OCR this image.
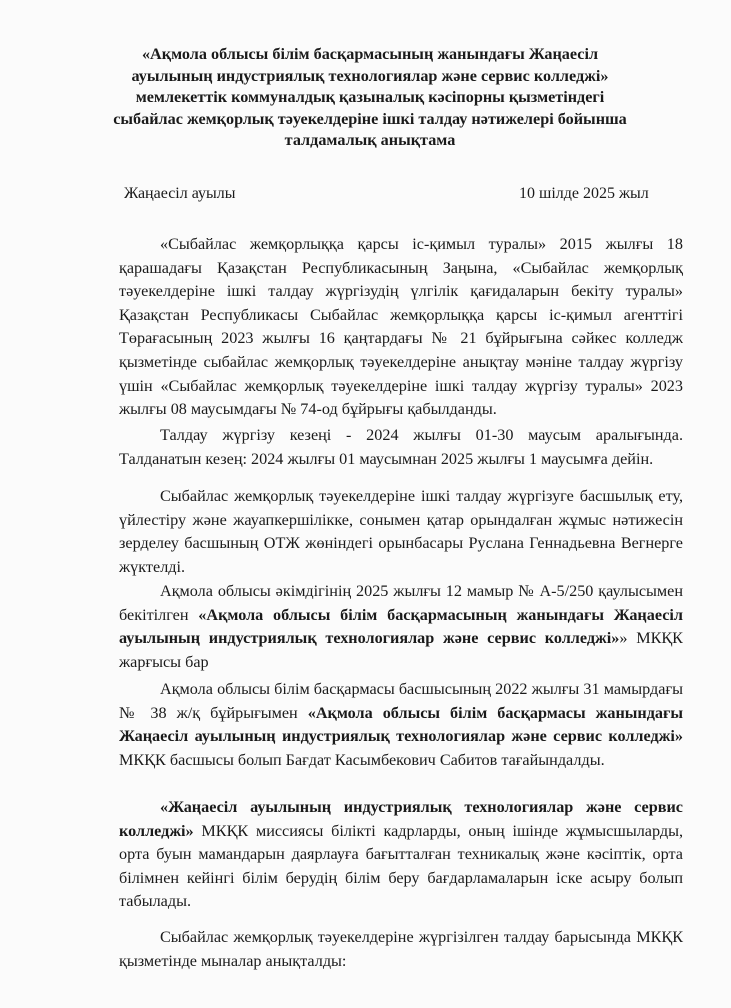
«Ақмола облысы білім басқармасының жанындағы Жаңаесіл
ауылының индустриялық технологиялар және сервис колледжі»
мемлекеттік коммуналдық қазыналық кәсіпорны қызметіндегі
сыбайлас жемқорлық тәуекелдеріне ішкі талдау нәтижелері бойынша
талдамалық анықтама
Жаңаесіл ауылы	10 шілде 2025 жыл
«Сыбайлас жемқорлыққа қарсы іс-қимыл туралы» 2015 жылғы 18 қарашадағы Қазақстан Республикасының Заңына, «Сыбайлас жемқорлық тәуекелдеріне ішкі талдау жүргізудің үлгілік қағидаларын бекіту туралы» Қазақстан Республикасы Сыбайлас жемқорлыққа қарсы іс-қимыл агенттігі Төрағасының 2023 жылғы 16 қаңтардағы № 21 бұйрығына сәйкес колледж қызметінде сыбайлас жемқорлық тәуекелдеріне анықтау мәніне талдау жүргізу үшін «Сыбайлас жемқорлық тәуекелдеріне ішкі талдау жүргізу туралы» 2023 жылғы 08 маусымдағы № 74-од бұйрығы қабылданды.
Талдау жүргізу кезеңі - 2024 жылғы 01-30 маусым аралығында. Талданатын кезең: 2024 жылғы 01 маусымнан 2025 жылғы 1 маусымға дейін.
Сыбайлас жемқорлық тәуекелдеріне ішкі талдау жүргізуге басшылық ету, үйлестіру және жауапкершілікке, сонымен қатар орындалған жұмыс нәтижесін зерделеу басшының ОТЖ жөніндегі орынбасары Руслана Геннадьевна Вегнерге жүктелді.
Ақмола облысы әкімдігінің 2025 жылғы 12 мамыр № А-5/250 қаулысымен бекітілген «Ақмола облысы білім басқармасының жанындағы Жаңаесіл ауылының индустриялық технологиялар және сервис колледжі»» МКҚК жарғысы бар
Ақмола облысы білім басқармасы басшысының 2022 жылғы 31 мамырдағы № 38 ж/қ бұйрығымен «Ақмола облысы білім басқармасы жанындағы Жаңаесіл ауылының индустриялық технологиялар және сервис колледжі» МКҚК басшысы болып Бағдат Касымбекович Сабитов тағайындалды.
«Жаңаесіл ауылының индустриялық технологиялар және сервис колледжі» МКҚК миссиясы білікті кадрларды, оның ішінде жұмысшыларды, орта буын мамандарын даярлауға бағытталған техникалық және кәсіптік, орта білімнен кейінгі білім берудің білім беру бағдарламаларын іске асыру болып табылады.
Сыбайлас жемқорлық тәуекелдеріне жүргізілген талдау барысында МКҚК қызметінде мыналар анықталды:
